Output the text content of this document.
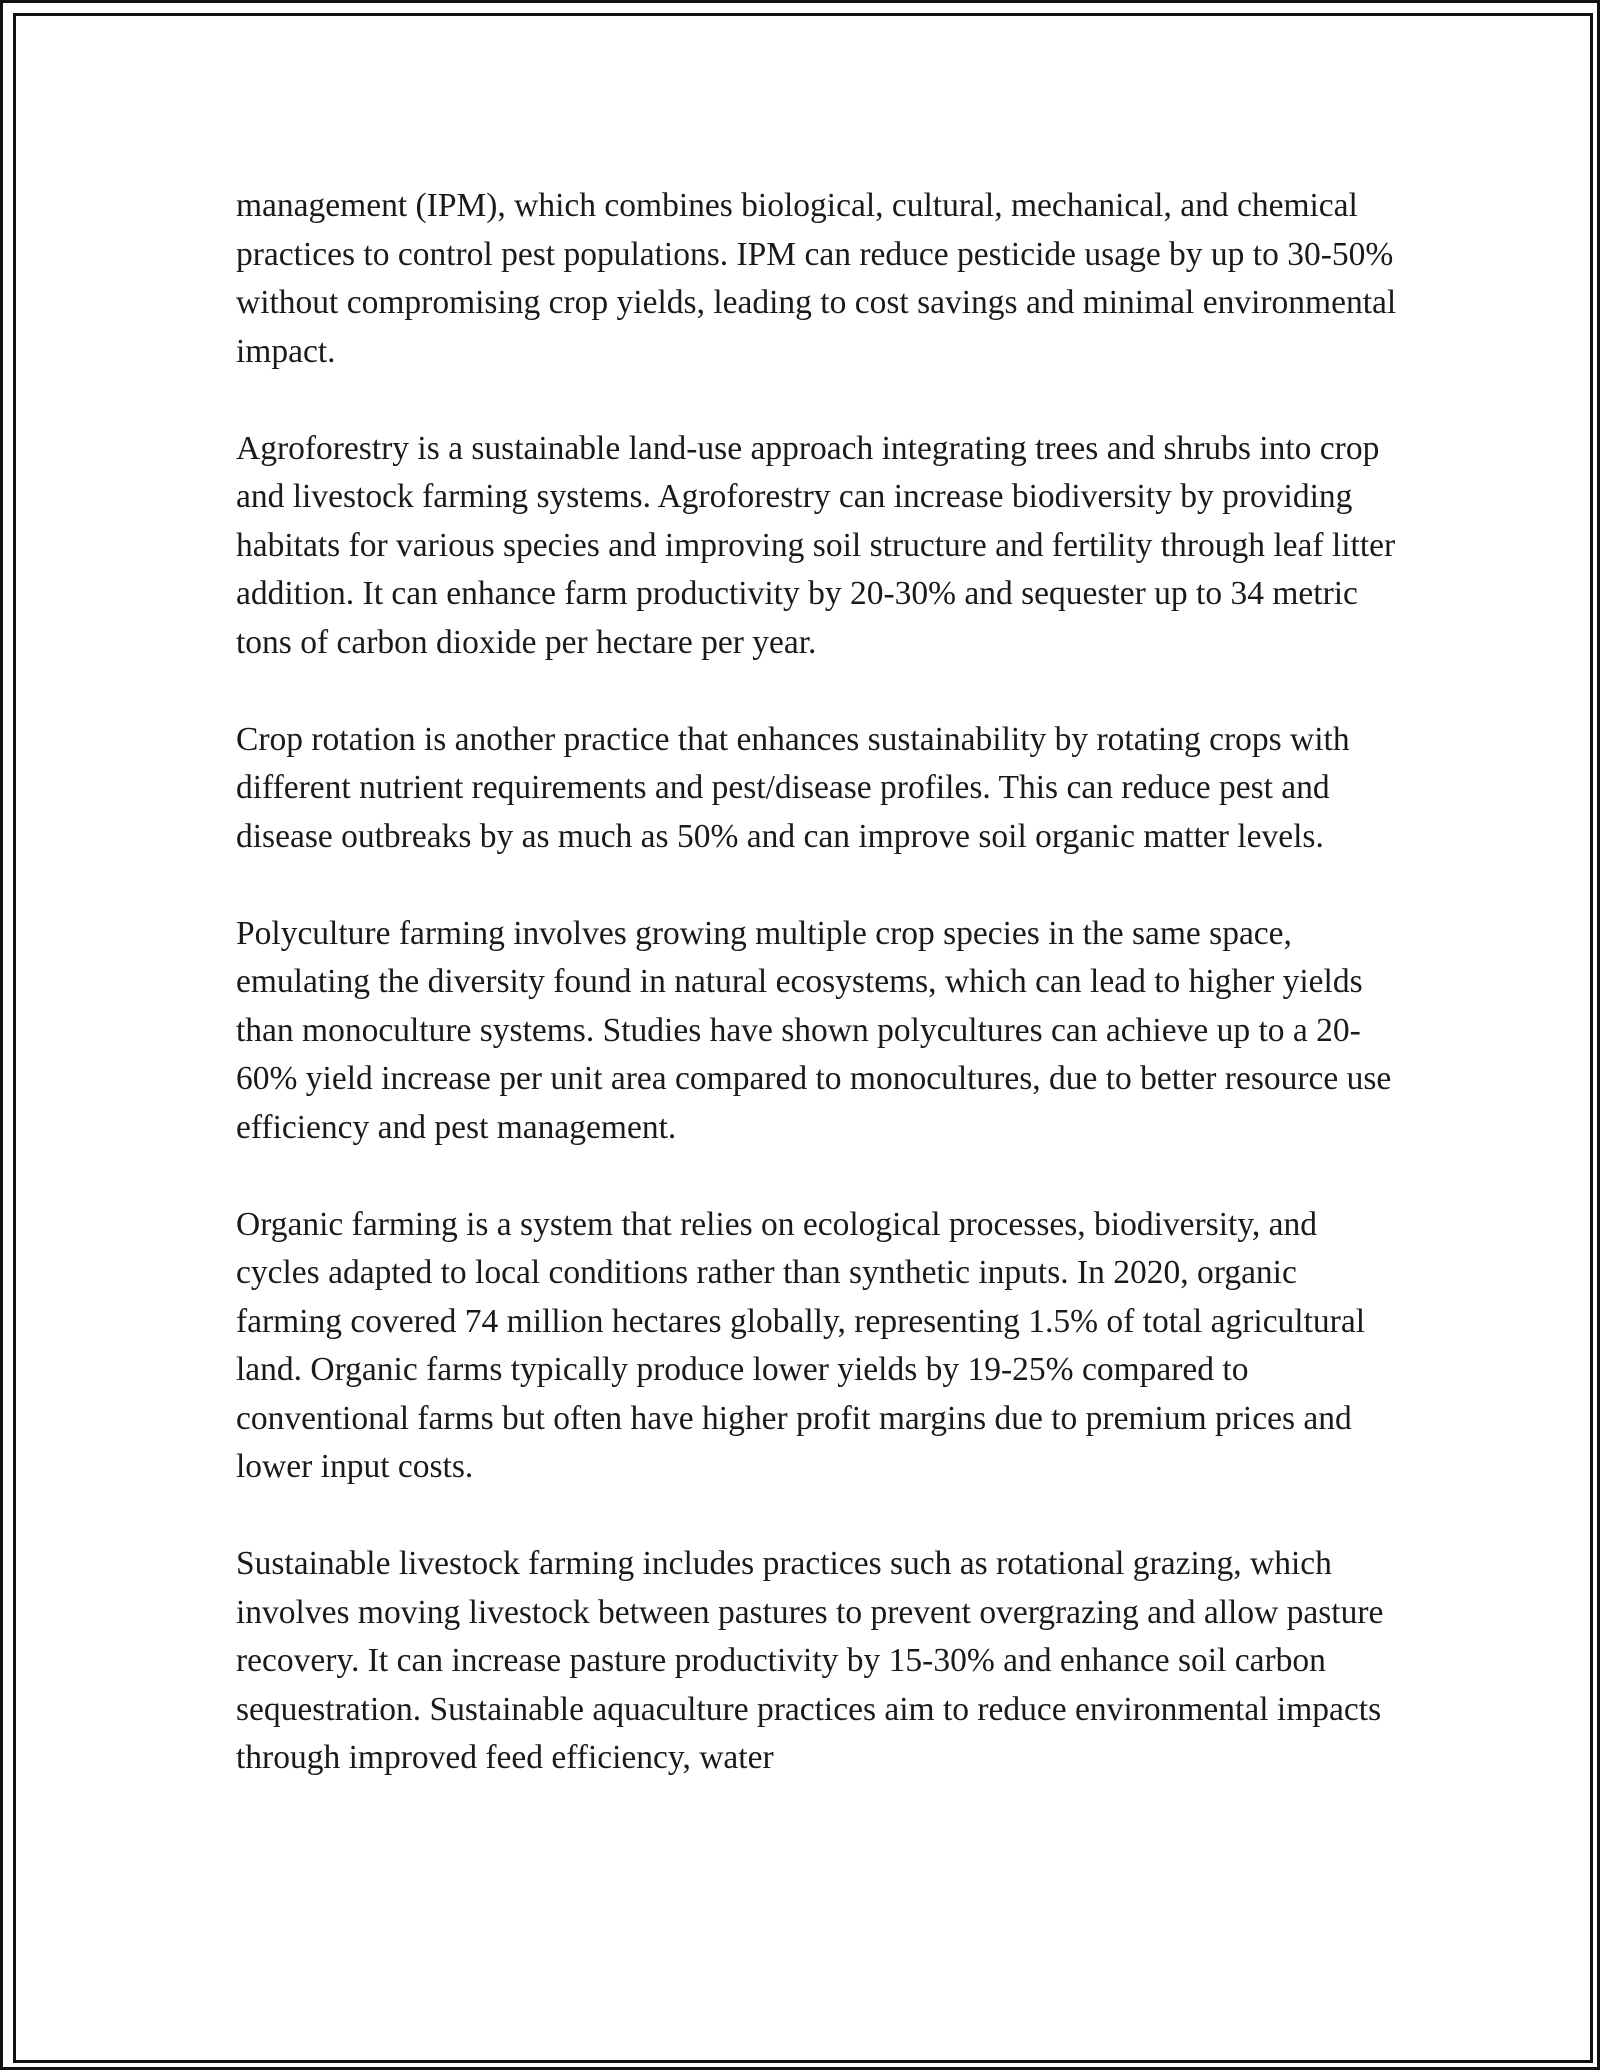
management (IPM), which combines biological, cultural, mechanical, and chemical practices to control pest populations. IPM can reduce pesticide usage by up to 30-50% without compromising crop yields, leading to cost savings and minimal environmental impact.

Agroforestry is a sustainable land-use approach integrating trees and shrubs into crop and livestock farming systems. Agroforestry can increase biodiversity by providing habitats for various species and improving soil structure and fertility through leaf litter addition. It can enhance farm productivity by 20-30% and sequester up to 34 metric tons of carbon dioxide per hectare per year.

Crop rotation is another practice that enhances sustainability by rotating crops with different nutrient requirements and pest/disease profiles. This can reduce pest and disease outbreaks by as much as 50% and can improve soil organic matter levels.

Polyculture farming involves growing multiple crop species in the same space, emulating the diversity found in natural ecosystems, which can lead to higher yields than monoculture systems. Studies have shown polycultures can achieve up to a 20-60% yield increase per unit area compared to monocultures, due to better resource use efficiency and pest management.

Organic farming is a system that relies on ecological processes, biodiversity, and cycles adapted to local conditions rather than synthetic inputs. In 2020, organic farming covered 74 million hectares globally, representing 1.5% of total agricultural land. Organic farms typically produce lower yields by 19-25% compared to conventional farms but often have higher profit margins due to premium prices and lower input costs.

Sustainable livestock farming includes practices such as rotational grazing, which involves moving livestock between pastures to prevent overgrazing and allow pasture recovery. It can increase pasture productivity by 15-30% and enhance soil carbon sequestration. Sustainable aquaculture practices aim to reduce environmental impacts through improved feed efficiency, water
